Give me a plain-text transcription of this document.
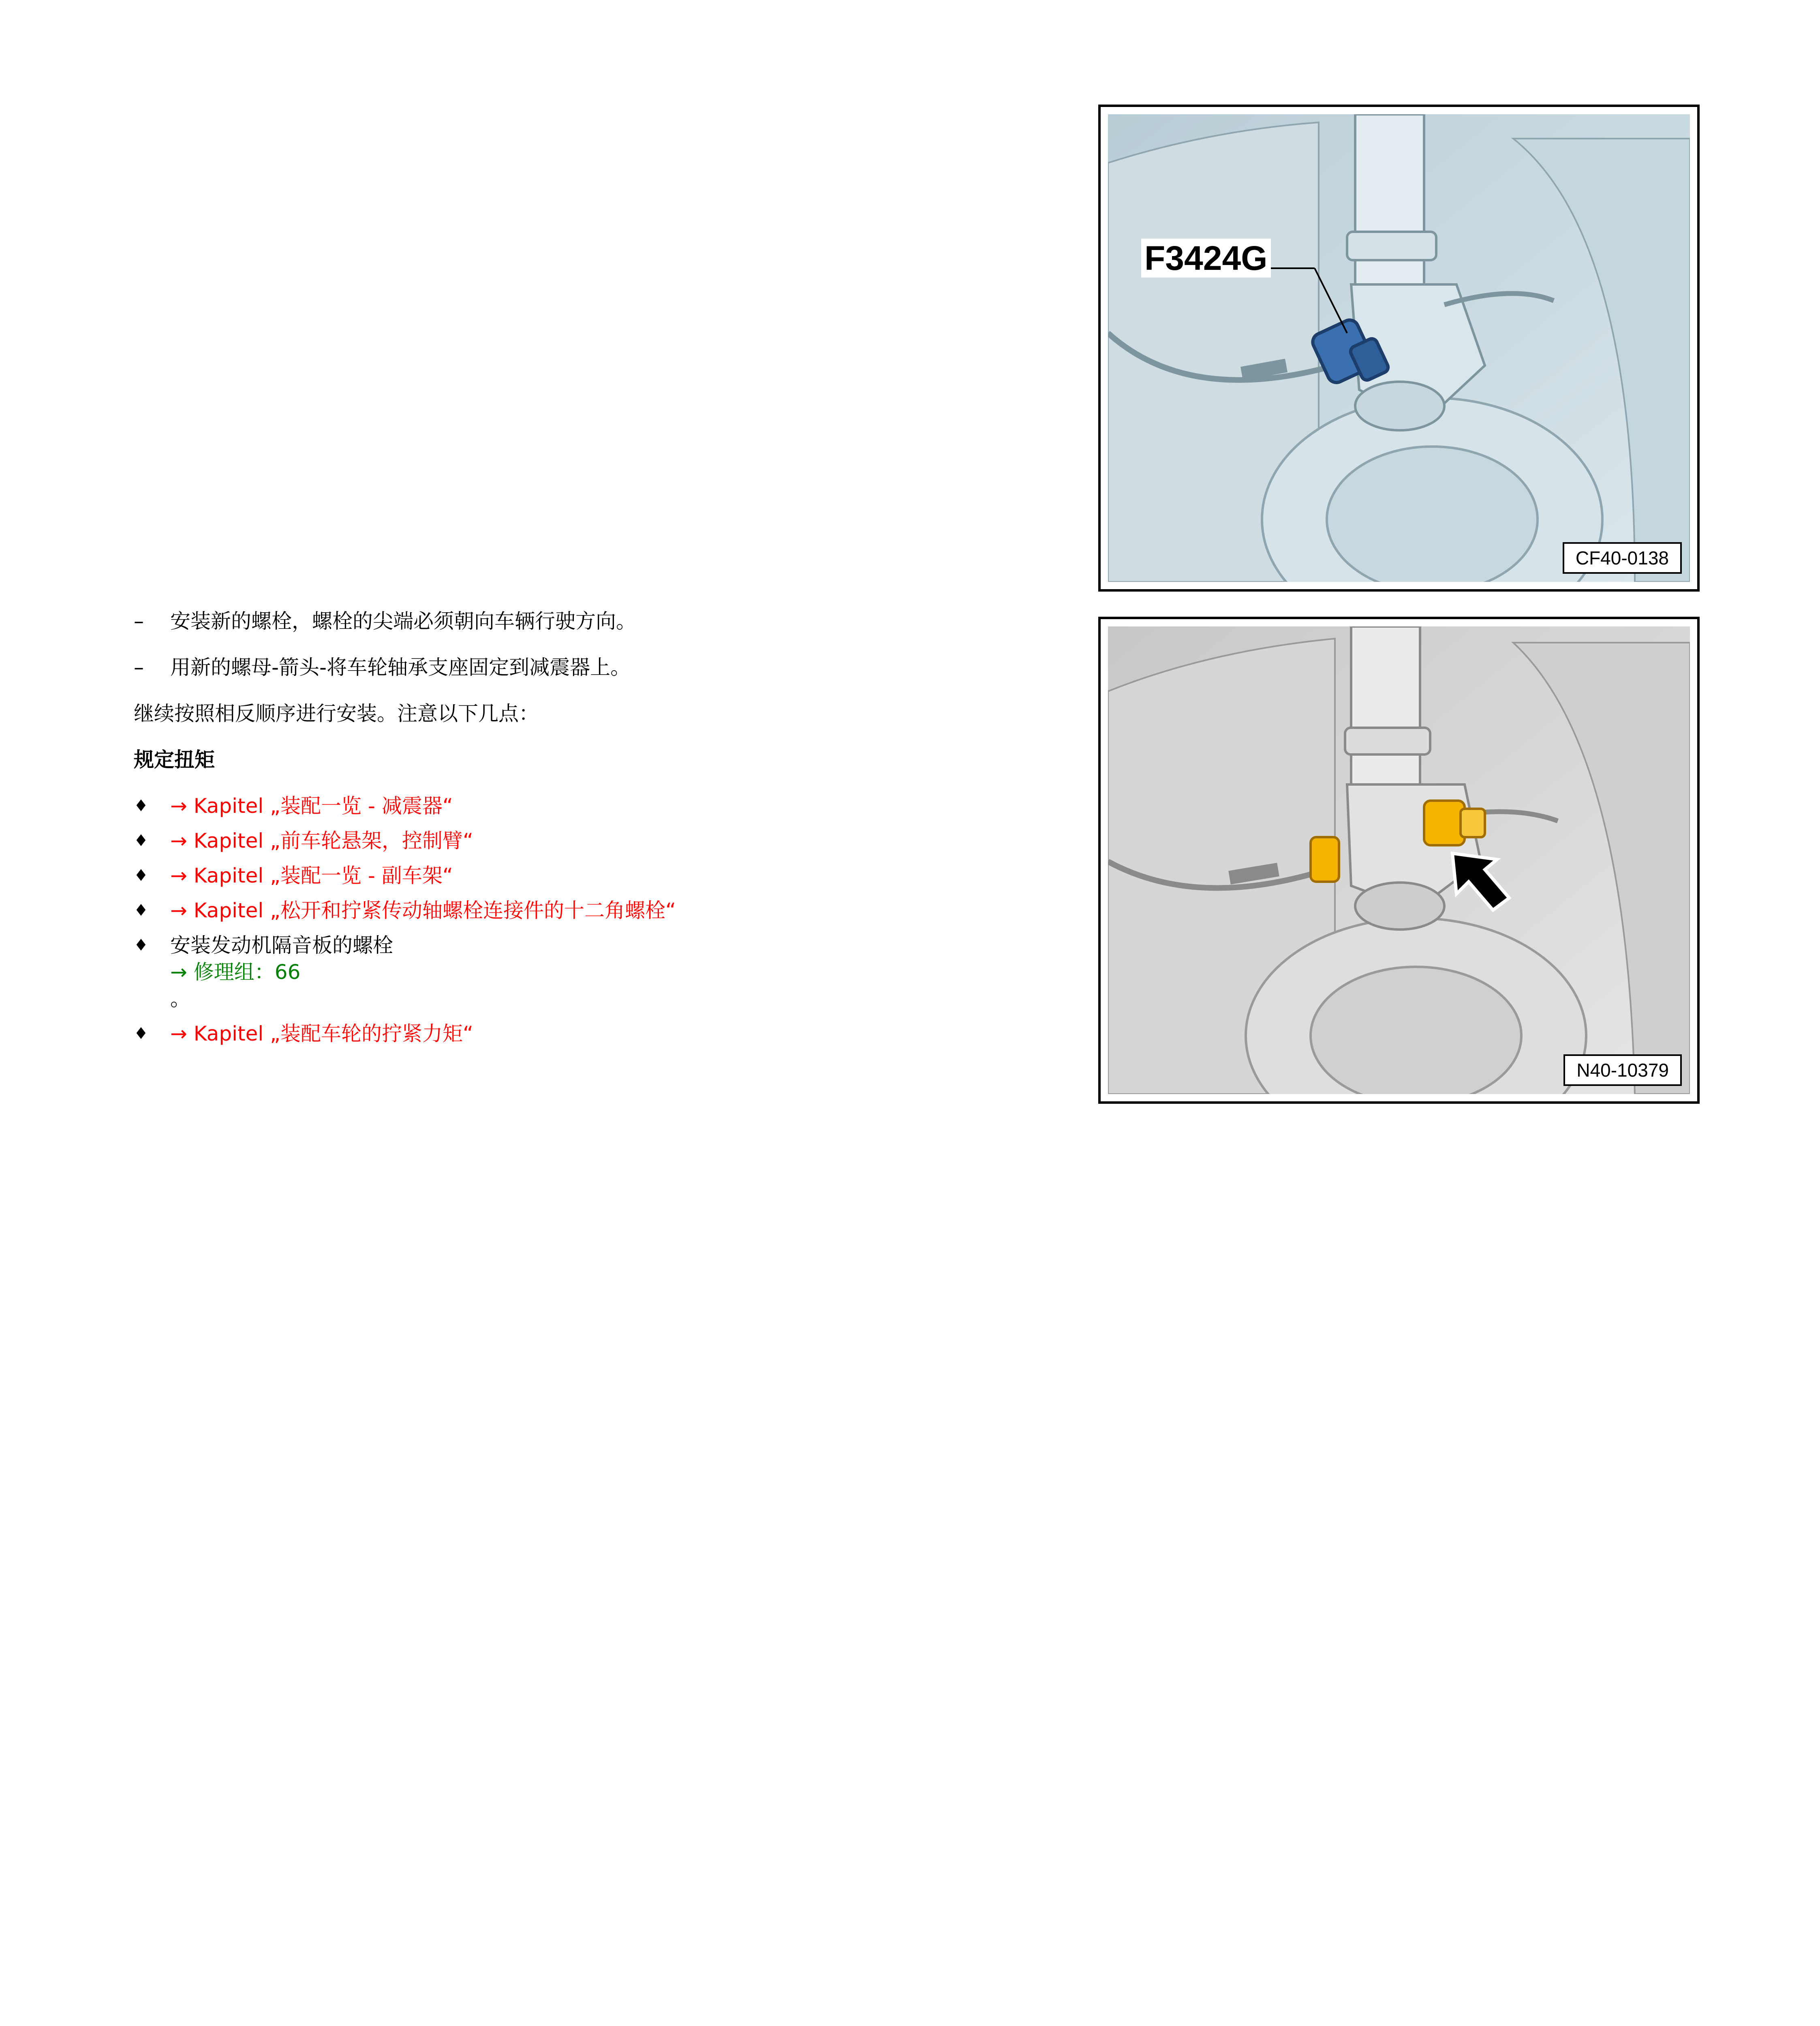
F3424G
CF40-0138
N40-10379
– 安装新的螺栓，螺栓的尖端必须朝向车辆行驶方向。
– 用新的螺母-箭头-将车轮轴承支座固定到减震器上。
继续按照相反顺序进行安装。注意以下几点：
规定扭矩
♦ → Kapitel „装配一览 - 减震器“
♦ → Kapitel „前车轮悬架，控制臂“
♦ → Kapitel „装配一览 - 副车架“
♦ → Kapitel „松开和拧紧传动轴螺栓连接件的十二角螺栓“
♦ 安装发动机隔音板的螺栓
→ 修理组：66
。
♦ → Kapitel „装配车轮的拧紧力矩“
